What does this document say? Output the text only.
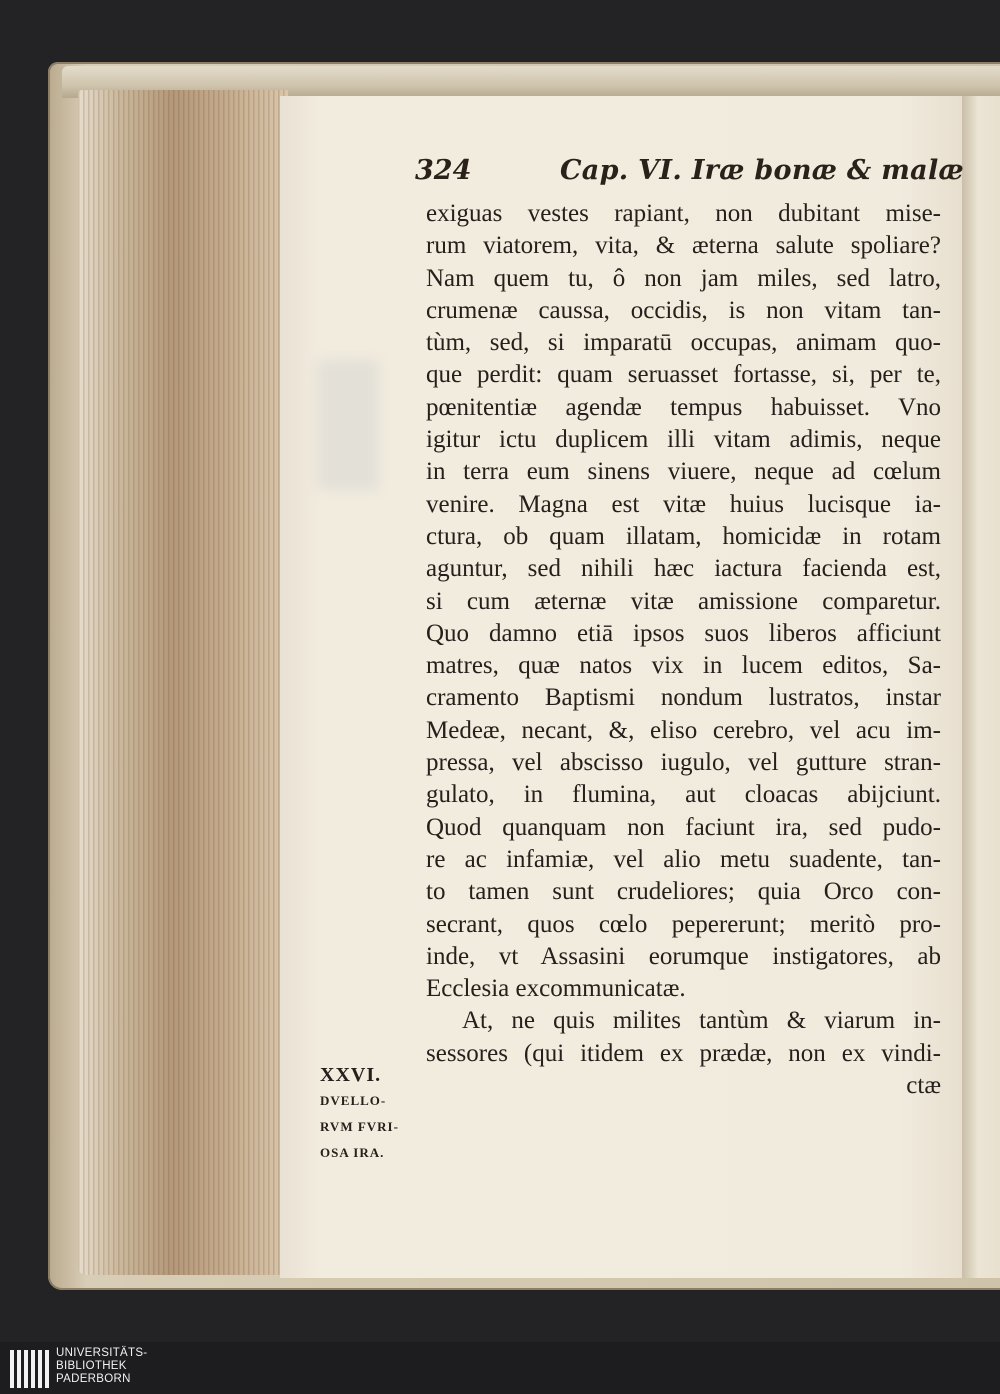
324	Cap. VI. Iræ bonæ & malæ
exiguas vestes rapiant, non dubitant mise-
rum viatorem, vita, & æterna salute spoliare?
Nam quem tu, ô non jam miles, sed latro,
crumenæ caussa, occidis, is non vitam tan-
tùm, sed, si imparatū occupas, animam quo-
que perdit: quam seruasset fortasse, si, per te,
pœnitentiæ agendæ tempus habuisset. Vno
igitur ictu duplicem illi vitam adimis, neque
in terra eum sinens viuere, neque ad cœlum
venire. Magna est vitæ huius lucisque ia-
ctura, ob quam illatam, homicidæ in rotam
aguntur, sed nihili hæc iactura facienda est,
si cum æternæ vitæ amissione comparetur.
Quo damno etiā ipsos suos liberos afficiunt
matres, quæ natos vix in lucem editos, Sa-
cramento Baptismi nondum lustratos, instar
Medeæ, necant, &, eliso cerebro, vel acu im-
pressa, vel abscisso iugulo, vel gutture stran-
gulato, in flumina, aut cloacas abijciunt.
Quod quanquam non faciunt ira, sed pudo-
re ac infamiæ, vel alio metu suadente, tan-
to tamen sunt crudeliores; quia Orco con-
secrant, quos cœlo pepererunt; meritò pro-
inde, vt Assasini eorumque instigatores, ab
Ecclesia excommunicatæ.
At, ne quis milites tantùm & viarum in-
sessores (qui itidem ex prædæ, non ex vindi-
ctæ
XXVI.
DVELLO-
RVM FVRI-
OSA IRA.
UNIVERSITÄTS-
BIBLIOTHEK
PADERBORN
